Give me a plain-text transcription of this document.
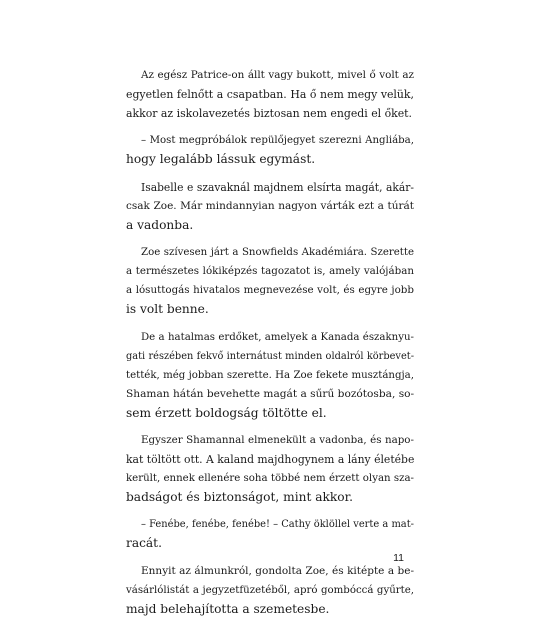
Az egész Patrice-on állt vagy bukott, mivel ő volt az
egyetlen felnőtt a csapatban. Ha ő nem megy velük,
akkor az iskolavezetés biztosan nem engedi el őket.

– Most megpróbálok repülőjegyet szerezni Angliába,
hogy legalább lássuk egymást.

Isabelle e szavaknál majdnem elsírta magát, akár-
csak Zoe. Már mindannyian nagyon várták ezt a túrát
a vadonba.

Zoe szívesen járt a Snowfields Akadémiára. Szerette
a természetes lókiképzés tagozatot is, amely valójában
a lósuttogás hivatalos megnevezése volt, és egyre jobb
is volt benne.

De a hatalmas erdőket, amelyek a Kanada északnyu-
gati részében fekvő internátust minden oldalról körbevet-
tették, még jobban szerette. Ha Zoe fekete musztángja,
Shaman hátán bevehette magát a sűrű bozótosba, so-
sem érzett boldogság töltötte el.

Egyszer Shamannal elmenekült a vadonba, és napo-
kat töltött ott. A kaland majdhogynem a lány életébe
került, ennek ellenére soha többé nem érzett olyan sza-
badságot és biztonságot, mint akkor.

– Fenébe, fenébe, fenébe! – Cathy öklöllel verte a mat-
racát.

Ennyit az álmunkról, gondolta Zoe, és kitépte a be-
vásárlólistát a jegyzetfüzetéből, apró gombóccá gyűrte,
majd belehajította a szemetesbe.

11
